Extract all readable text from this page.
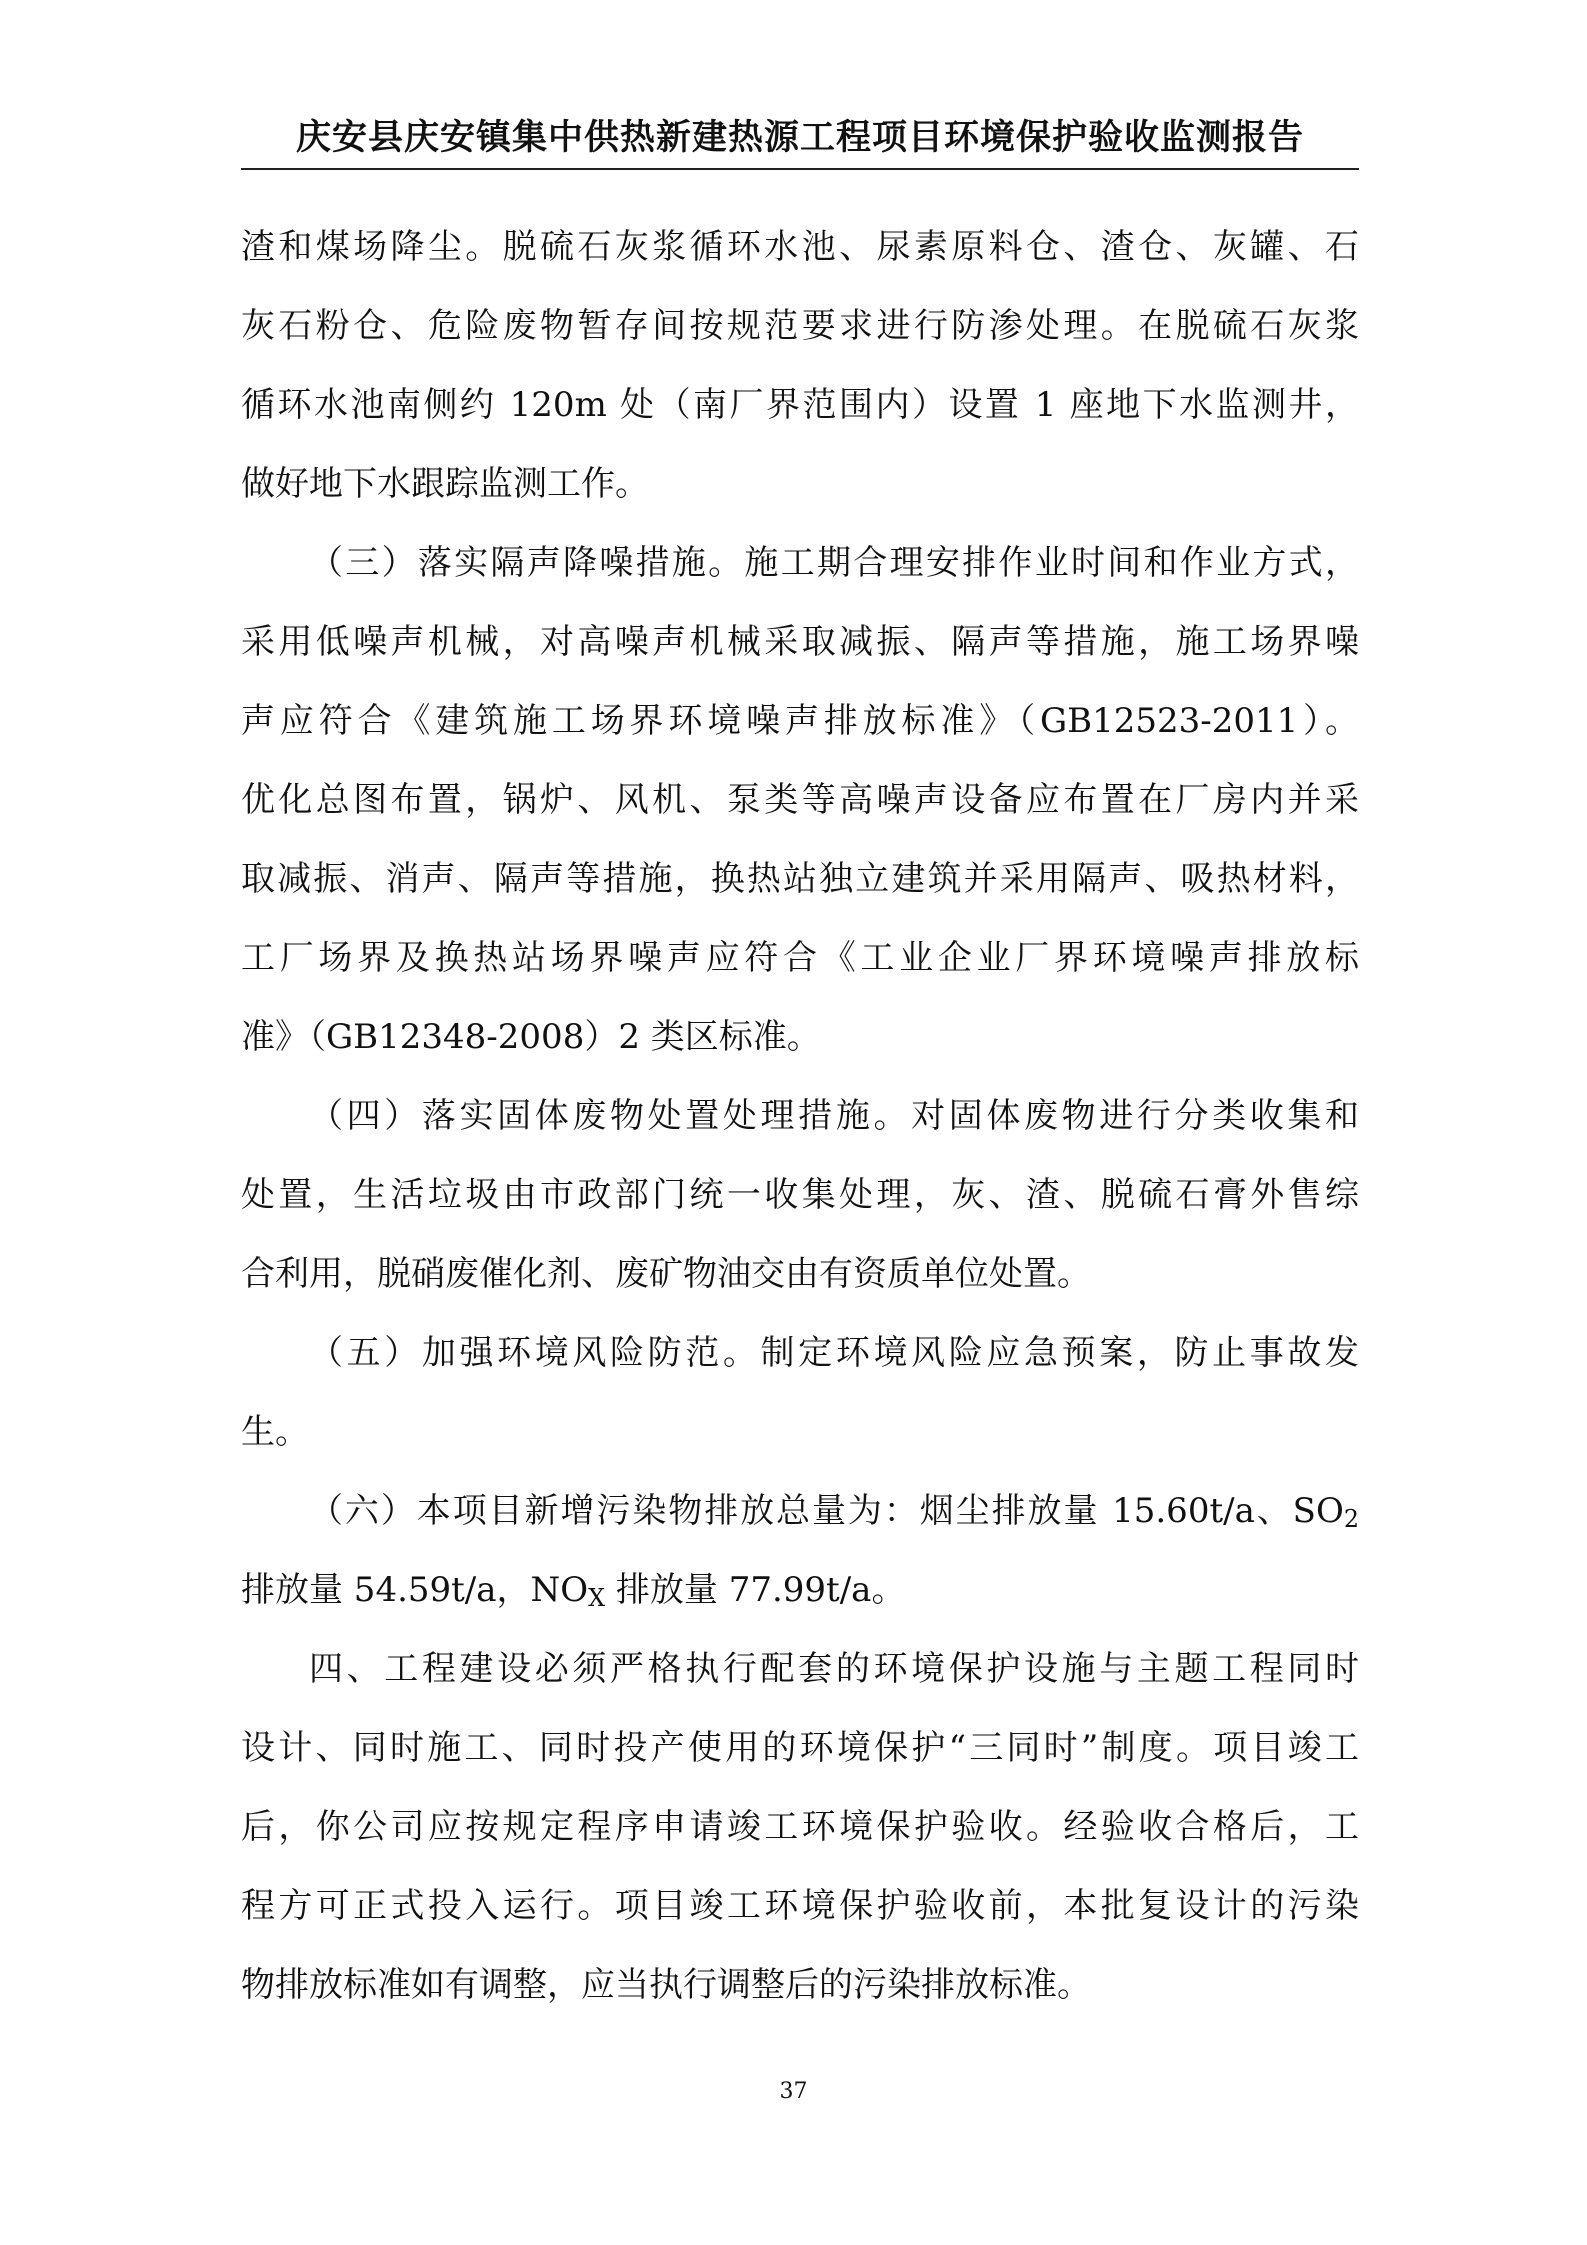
庆安县庆安镇集中供热新建热源工程项目环境保护验收监测报告

渣和煤场降尘。脱硫石灰浆循环水池、尿素原料仓、渣仓、灰罐、石
灰石粉仓、危险废物暂存间按规范要求进行防渗处理。在脱硫石灰浆
循环水池南侧约 120m 处（南厂界范围内）设置 1 座地下水监测井，
做好地下水跟踪监测工作。

（三）落实隔声降噪措施。施工期合理安排作业时间和作业方式，
采用低噪声机械，对高噪声机械采取减振、隔声等措施，施工场界噪
声应符合《建筑施工场界环境噪声排放标准》（GB12523-2011）。
优化总图布置，锅炉、风机、泵类等高噪声设备应布置在厂房内并采
取减振、消声、隔声等措施，换热站独立建筑并采用隔声、吸热材料，
工厂场界及换热站场界噪声应符合《工业企业厂界环境噪声排放标
准》（GB12348-2008）2 类区标准。

（四）落实固体废物处置处理措施。对固体废物进行分类收集和
处置，生活垃圾由市政部门统一收集处理，灰、渣、脱硫石膏外售综
合利用，脱硝废催化剂、废矿物油交由有资质单位处置。

（五）加强环境风险防范。制定环境风险应急预案，防止事故发
生。

（六）本项目新增污染物排放总量为：烟尘排放量 15.60t/a、$SO_2$
排放量 54.59t/a，$NO_X$ 排放量 77.99t/a。

四、工程建设必须严格执行配套的环境保护设施与主题工程同时
设计、同时施工、同时投产使用的环境保护“三同时”制度。项目竣工
后，你公司应按规定程序申请竣工环境保护验收。经验收合格后，工
程方可正式投入运行。项目竣工环境保护验收前，本批复设计的污染
物排放标准如有调整，应当执行调整后的污染排放标准。

37
